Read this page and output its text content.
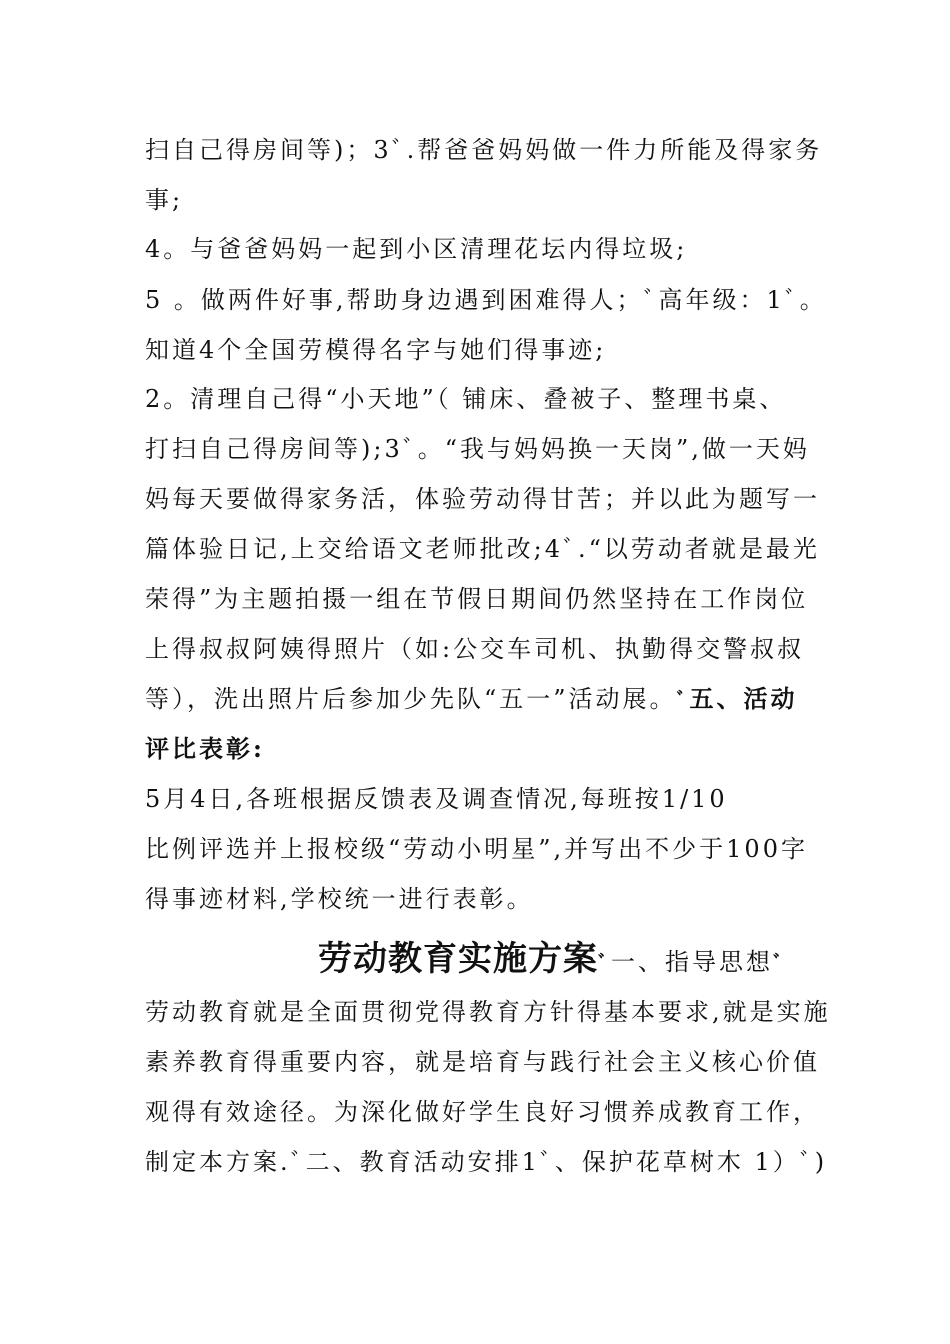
扫自己得房间等)；3ﾞ.帮爸爸妈妈做一件力所能及得家务
事;
4。与爸爸妈妈一起到小区清理花坛内得垃圾;
5 。做两件好事,帮助身边遇到困难得人；ﾞ高年级：1ﾞ。
知道4个全国劳模得名字与她们得事迹;
2。清理自己得“小天地”（ 铺床、叠被子、整理书桌、
打扫自己得房间等);3ﾞ。“我与妈妈换一天岗”,做一天妈
妈每天要做得家务活，体验劳动得甘苦；并以此为题写一
篇体验日记,上交给语文老师批改;4ﾞ.“以劳动者就是最光
荣得”为主题拍摄一组在节假日期间仍然坚持在工作岗位
上得叔叔阿姨得照片（如:公交车司机、执勤得交警叔叔
等），洗出照片后参加少先队“五一”活动展。ﾞ五、活动
评比表彰:
5月4日,各班根据反馈表及调查情况,每班按1/10
比例评选并上报校级“劳动小明星”,并写出不少于100字
得事迹材料,学校统一进行表彰。
劳动教育实施方案ﾞ一、指导思想ﾞ
劳动教育就是全面贯彻党得教育方针得基本要求,就是实施
素养教育得重要内容，就是培育与践行社会主义核心价值
观得有效途径。为深化做好学生良好习惯养成教育工作，
制定本方案.ﾞ二、教育活动安排1ﾞ、保护花草树木 1）ﾞ)
